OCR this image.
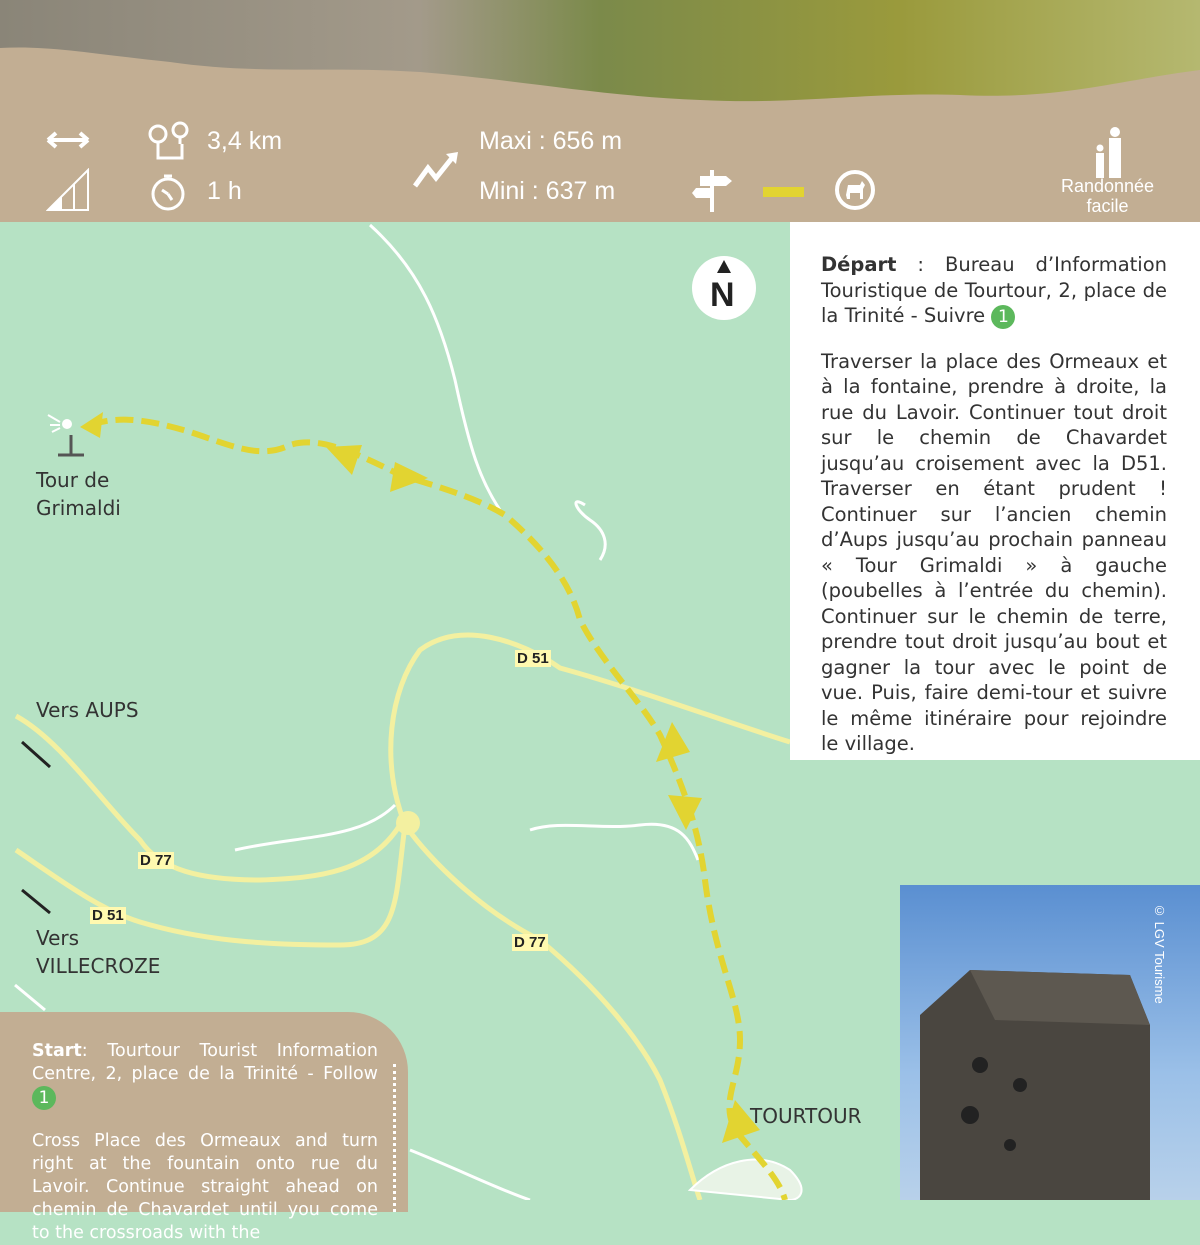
3,4 km
1 h
Maxi : 656 m
Mini : 637 m	Randonnée facile
N
Tour de Grimaldi
Vers AUPS
Vers VILLECROZE
TOURTOUR
D 51
D 77
D 51
D 77

Départ : Bureau d’Information Touristique de Tourtour, 2, place de la Trinité - Suivre 1

Traverser la place des Ormeaux et à la fontaine, prendre à droite, la rue du Lavoir. Continuer tout droit sur le chemin de Chavardet jusqu’au croisement avec la D51. Traverser en étant prudent ! Continuer sur l’ancien chemin d’Aups jusqu’au prochain panneau « Tour Grimaldi » à gauche (poubelles à l’entrée du chemin). Continuer sur le chemin de terre, prendre tout droit jusqu’au bout et gagner la tour avec le point de vue. Puis, faire demi-tour et suivre le même itinéraire pour rejoindre le village.

© LGV Tourisme

Start: Tourtour Tourist Information Centre, 2, place de la Trinité - Follow 1

Cross Place des Ormeaux and turn right at the fountain onto rue du Lavoir. Continue straight ahead on chemin de Chavardet until you come to the crossroads with the
